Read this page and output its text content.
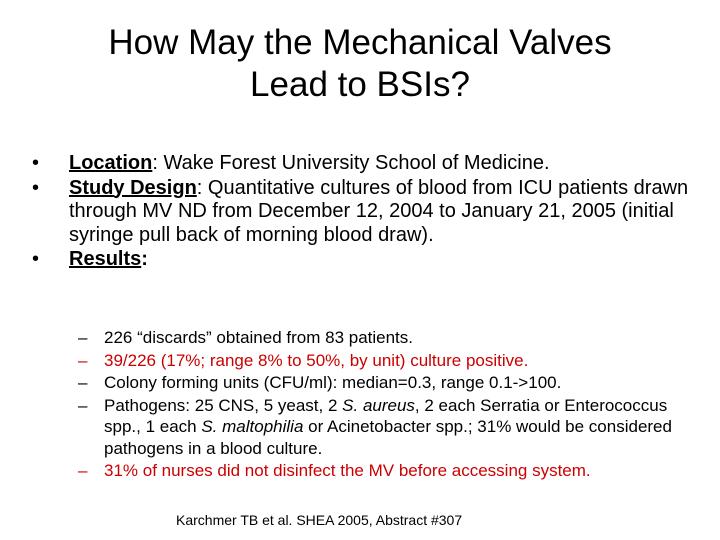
How May the Mechanical Valves
Lead to BSIs?
•	Location: Wake Forest University School of Medicine.
•	Study Design: Quantitative cultures of blood from ICU patients drawn through MV ND from December 12, 2004 to January 21, 2005 (initial syringe pull back of morning blood draw).
•	Results:
– 226 “discards” obtained from 83 patients.
– 39/226 (17%; range 8% to 50%, by unit) culture positive.
– Colony forming units (CFU/ml): median=0.3, range 0.1->100.
– Pathogens: 25 CNS, 5 yeast, 2 S. aureus, 2 each Serratia or Enterococcus spp., 1 each S. maltophilia or Acinetobacter spp.; 31% would be considered pathogens in a blood culture.
– 31% of nurses did not disinfect the MV before accessing system.
Karchmer TB et al. SHEA 2005, Abstract #307
